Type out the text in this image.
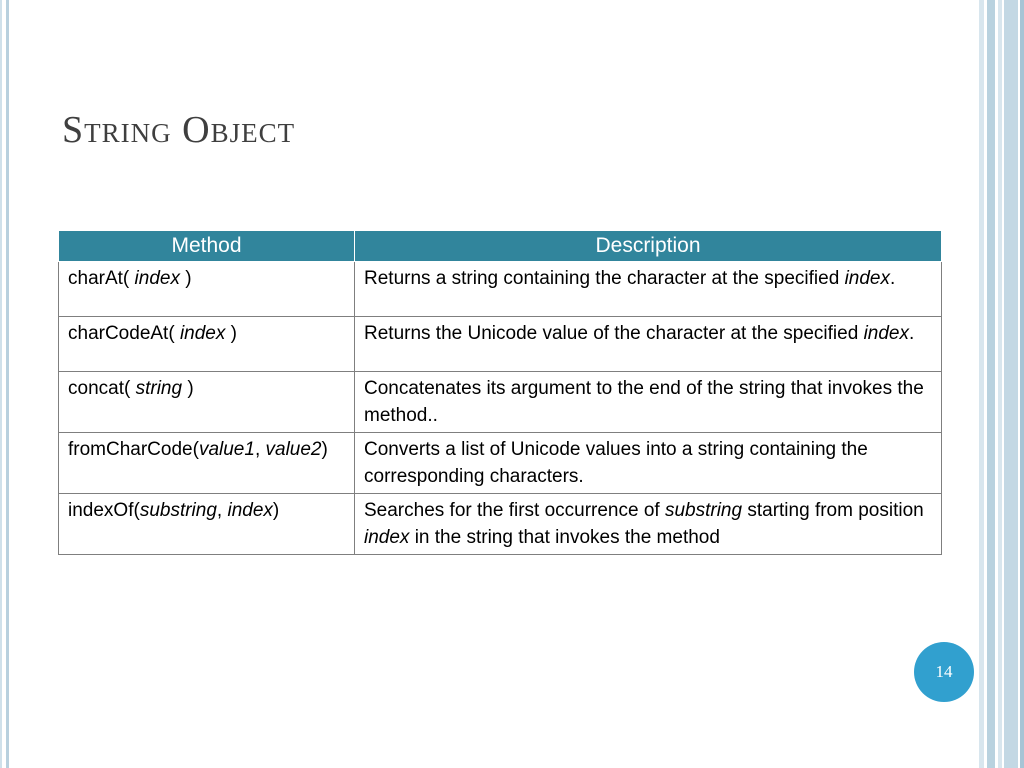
String Object
Method	Description
charAt( index )	Returns a string containing the character at the specified index.
charCodeAt( index )	Returns the Unicode value of the character at the specified index.
concat( string )	Concatenates its argument to the end of the string that invokes the method..
fromCharCode(value1, value2)	Converts a list of Unicode values into a string containing the corresponding characters.
indexOf(substring, index)	Searches for the first occurrence of substring starting from position index in the string that invokes the method
14
